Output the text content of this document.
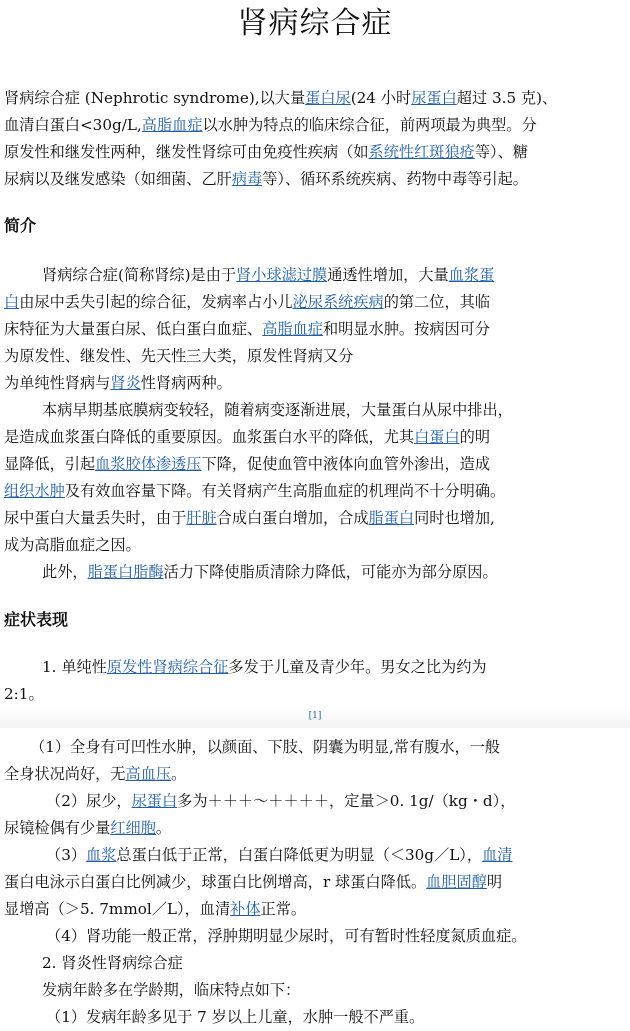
肾病综合症
肾病综合症 (Nephrotic syndrome),以大量蛋白尿(24 小时尿蛋白超过 3.5 克)、
血清白蛋白<30g/L,高脂血症以水肿为特点的临床综合征，前两项最为典型。分
原发性和继发性两种，继发性肾综可由免疫性疾病（如系统性红斑狼疮等）、糖
尿病以及继发感染（如细菌、乙肝病毒等）、循环系统疾病、药物中毒等引起。
简介
肾病综合症(简称肾综)是由于肾小球滤过膜通透性增加，大量血浆蛋
白由尿中丢失引起的综合征，发病率占小儿泌尿系统疾病的第二位，其临
床特征为大量蛋白尿、低白蛋白血症、高脂血症和明显水肿。按病因可分
为原发性、继发性、先天性三大类，原发性肾病又分
为单纯性肾病与肾炎性肾病两种。
本病早期基底膜病变较轻，随着病变逐渐进展，大量蛋白从尿中排出，
是造成血浆蛋白降低的重要原因。血浆蛋白水平的降低，尤其白蛋白的明
显降低，引起血浆胶体渗透压下降，促使血管中液体向血管外渗出，造成
组织水肿及有效血容量下降。有关肾病产生高脂血症的机理尚不十分明确。
尿中蛋白大量丢失时，由于肝脏合成白蛋白增加，合成脂蛋白同时也增加,
成为高脂血症之因。
此外，脂蛋白脂酶活力下降使脂质清除力降低，可能亦为部分原因。
症状表现
1. 单纯性原发性肾病综合征多发于儿童及青少年。男女之比为约为
2:1。
[1]
（1）全身有可凹性水肿，以颜面、下肢、阴囊为明显,常有腹水，一般
全身状况尚好，无高血压。
（2）尿少，尿蛋白多为＋＋＋～＋＋＋＋，定量＞0. 1g/（kg・d），
尿镜检偶有少量红细胞。
（3）血浆总蛋白低于正常，白蛋白降低更为明显（＜30g／L），血清
蛋白电泳示白蛋白比例减少，球蛋白比例增高，r 球蛋白降低。血胆固醇明
显增高（＞5. 7mmol／L），血清补体正常。
（4）肾功能一般正常，浮肿期明显少尿时，可有暂时性轻度氮质血症。
2. 肾炎性肾病综合症
发病年龄多在学龄期，临床特点如下：
（1）发病年龄多见于 7 岁以上儿童，水肿一般不严重。
